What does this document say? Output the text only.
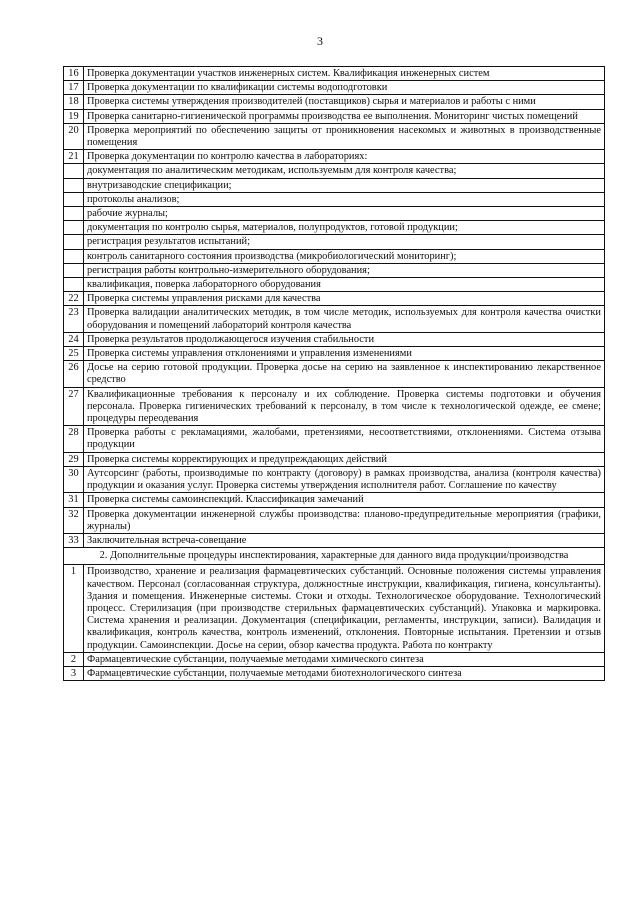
3
16	Проверка документации участков инженерных систем. Квалификация инженерных систем
17	Проверка документации по квалификации системы водоподготовки
18	Проверка системы утверждения производителей (поставщиков) сырья и материалов и работы с ними
19	Проверка санитарно-гигиенической программы производства ее выполнения. Мониторинг чистых помещений
20	Проверка мероприятий по обеспечению защиты от проникновения насекомых и животных в производственные помещения
21	Проверка документации по контролю качества в лабораториях:
	документация по аналитическим методикам, используемым для контроля качества;
	внутризаводские спецификации;
	протоколы анализов;
	рабочие журналы;
	документация по контролю сырья, материалов, полупродуктов, готовой продукции;
	регистрация результатов испытаний;
	контроль санитарного состояния производства (микробиологический мониторинг);
	регистрация работы контрольно-измерительного оборудования;
	квалификация, поверка лабораторного оборудования
22	Проверка системы управления рисками для качества
23	Проверка валидации аналитических методик, в том числе методик, используемых для контроля качества очистки оборудования и помещений лабораторий контроля качества
24	Проверка результатов продолжающегося изучения стабильности
25	Проверка системы управления отклонениями и управления изменениями
26	Досье на серию готовой продукции. Проверка досье на серию на заявленное к инспектированию лекарственное средство
27	Квалификационные требования к персоналу и их соблюдение. Проверка системы подготовки и обучения персонала. Проверка гигиенических требований к персоналу, в том числе к технологической одежде, ее смене; процедуры переодевания
28	Проверка работы с рекламациями, жалобами, претензиями, несоответствиями, отклонениями. Система отзыва продукции
29	Проверка системы корректирующих и предупреждающих действий
30	Аутсорсинг (работы, производимые по контракту (договору) в рамках производства, анализа (контроля качества) продукции и оказания услуг. Проверка системы утверждения исполнителя работ. Соглашение по качеству
31	Проверка системы самоинспекций. Классификация замечаний
32	Проверка документации инженерной службы производства: планово-предупредительные мероприятия (графики, журналы)
33	Заключительная встреча-совещание
2. Дополнительные процедуры инспектирования, характерные для данного вида продукции/производства	
1	Производство, хранение и реализация фармацевтических субстанций. Основные положения системы управления качеством. Персонал (согласованная структура, должностные инструкции, квалификация, гигиена, консультанты). Здания и помещения. Инженерные системы. Стоки и отходы. Технологическое оборудование. Технологический процесс. Стерилизация (при производстве стерильных фармацевтических субстанций). Упаковка и маркировка. Система хранения и реализации. Документация (спецификации, регламенты, инструкции, записи). Валидация и квалификация, контроль качества, контроль изменений, отклонения. Повторные испытания. Претензии и отзыв продукции. Самоинспекции. Досье на серии, обзор качества продукта. Работа по контракту
2	Фармацевтические субстанции, получаемые методами химического синтеза
3	Фармацевтические субстанции, получаемые методами биотехнологического синтеза
